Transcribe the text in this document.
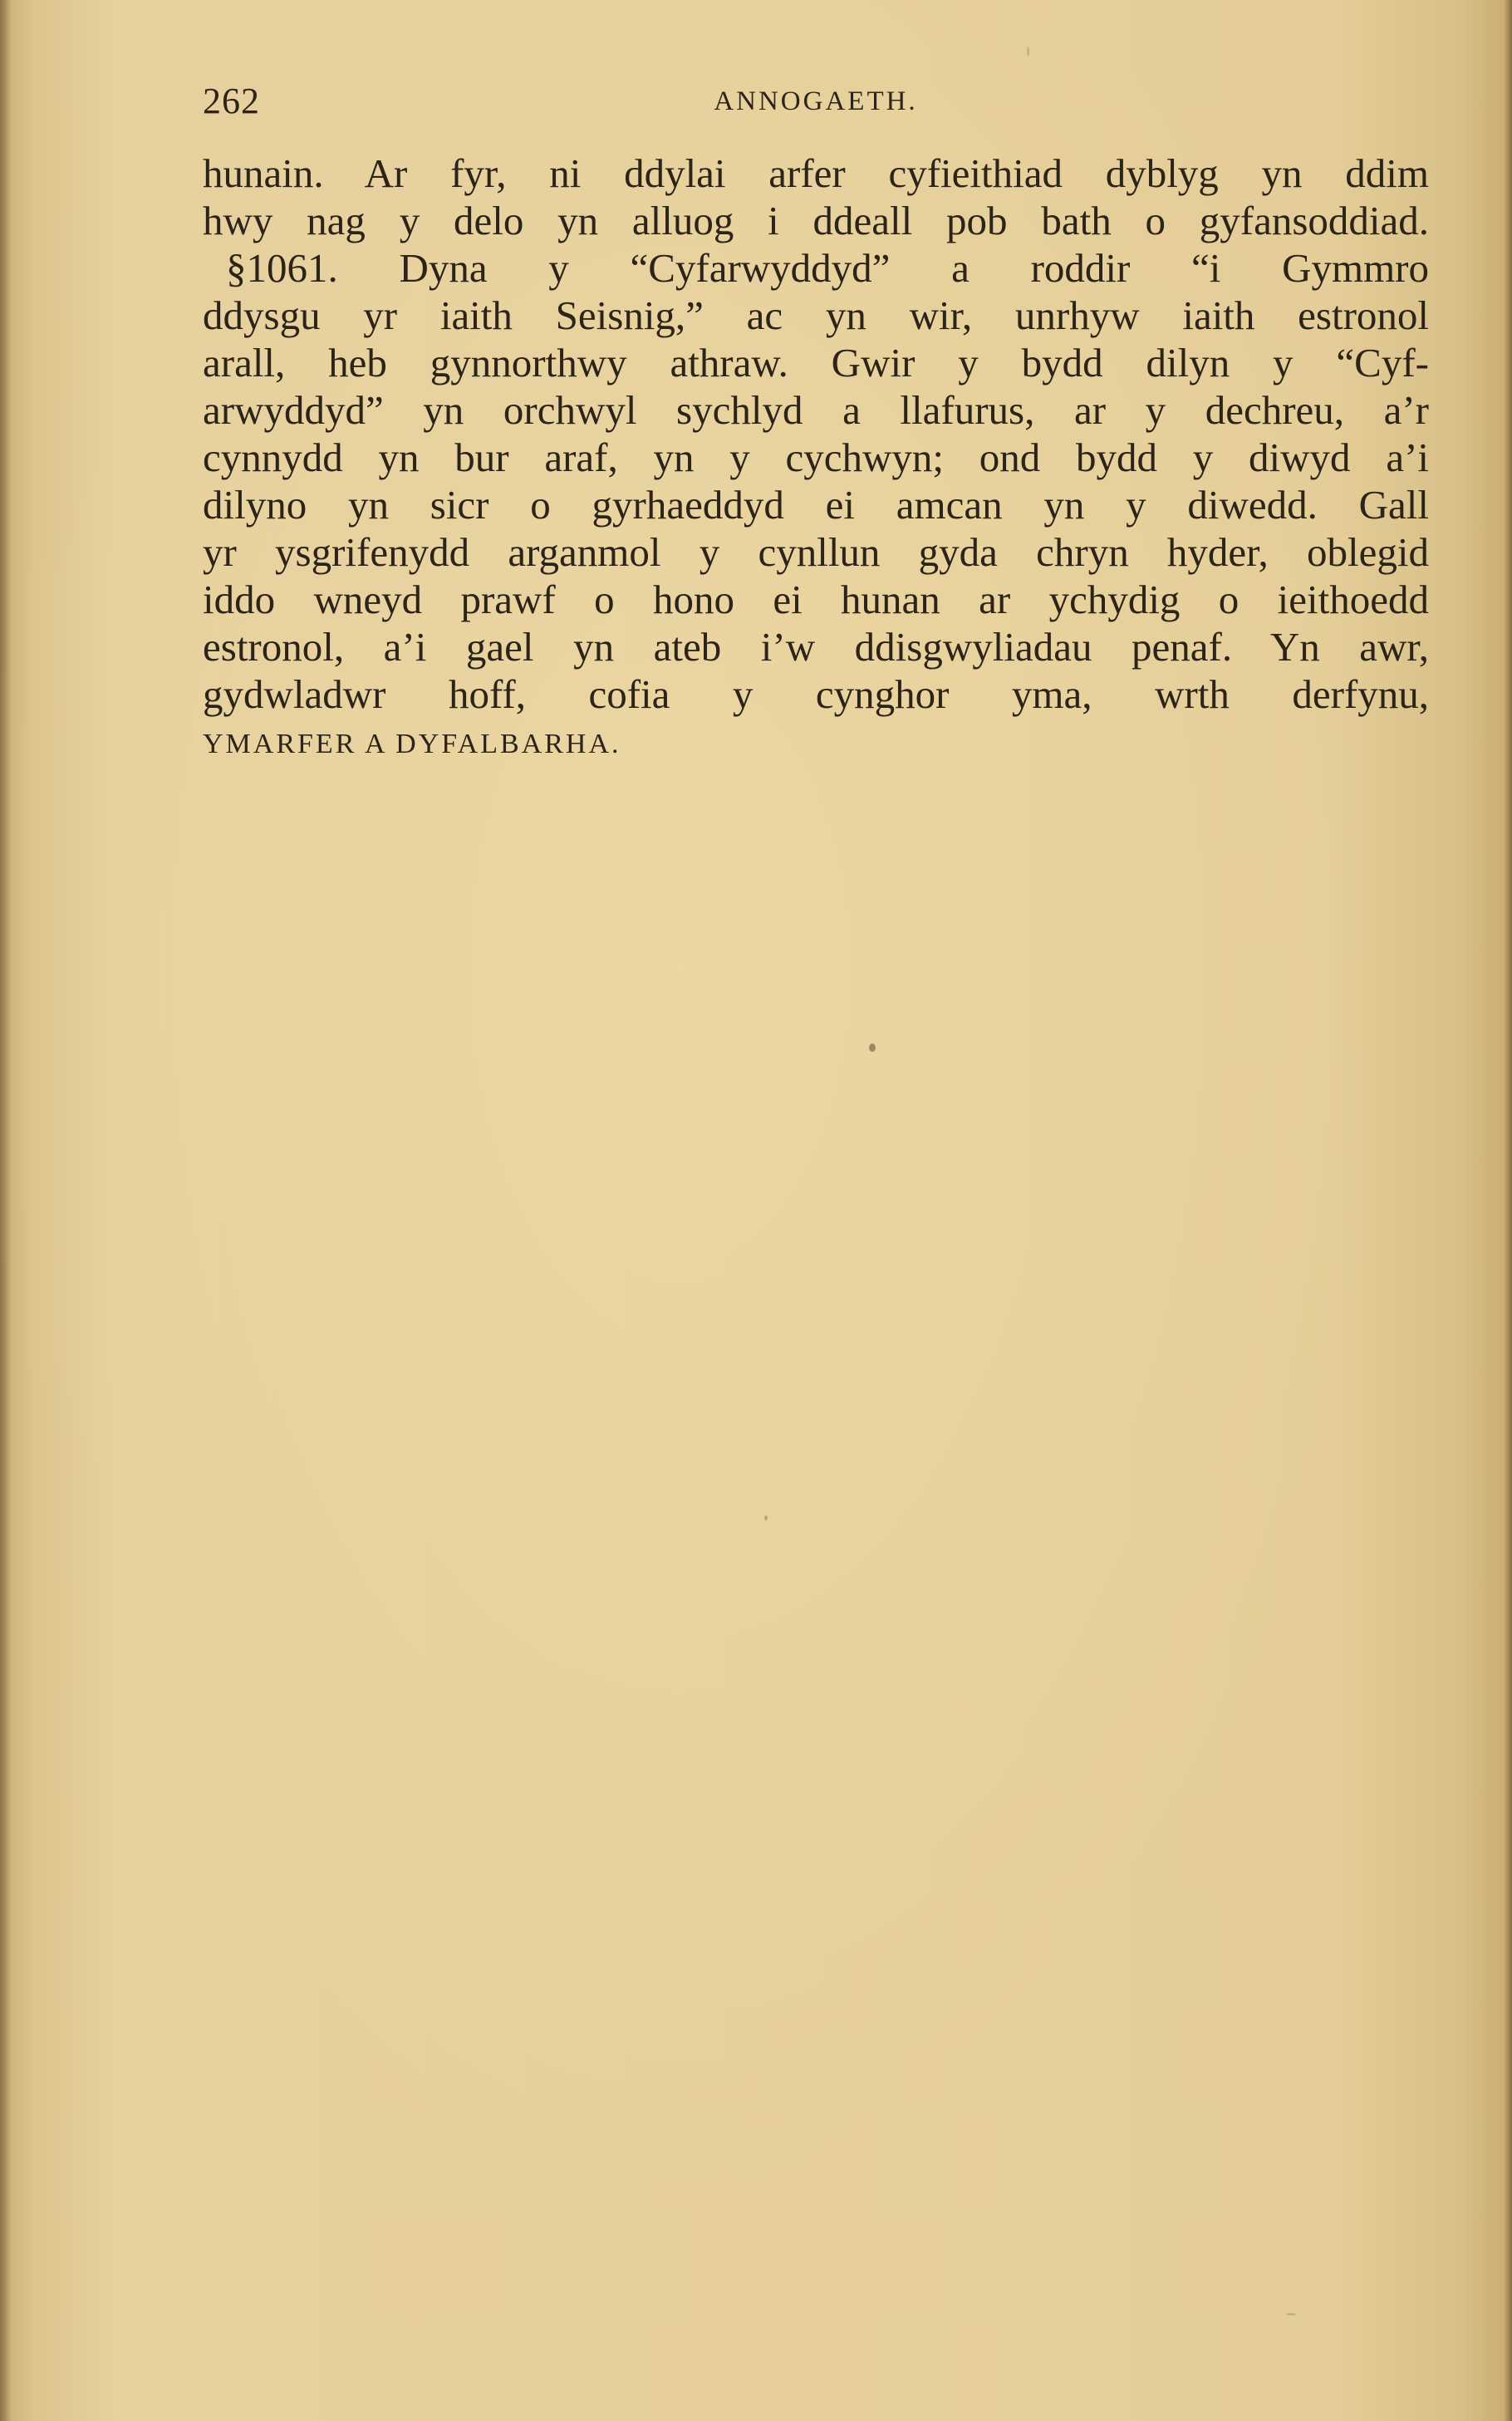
262	ANNOGAETH.
hunain. Ar fyr, ni ddylai arfer cyfieithiad dyblyg yn ddim
hwy nag y delo yn alluog i ddeall pob bath o gyfansoddiad.
§1061. Dyna y “Cyfarwyddyd” a roddir “i Gymmro
ddysgu yr iaith Seisnig,” ac yn wir, unrhyw iaith estronol
arall, heb gynnorthwy athraw. Gwir y bydd dilyn y “Cyf-
arwyddyd” yn orchwyl sychlyd a llafurus, ar y dechreu, a’r
cynnydd yn bur araf, yn y cychwyn; ond bydd y diwyd a’i
dilyno yn sicr o gyrhaeddyd ei amcan yn y diwedd. Gall
yr ysgrifenydd arganmol y cynllun gyda chryn hyder, oblegid
iddo wneyd prawf o hono ei hunan ar ychydig o ieithoedd
estronol, a’i gael yn ateb i’w ddisgwyliadau penaf. Yn awr,
gydwladwr hoff, cofia y cynghor yma, wrth derfynu,
YMARFER A DYFALBARHA.
